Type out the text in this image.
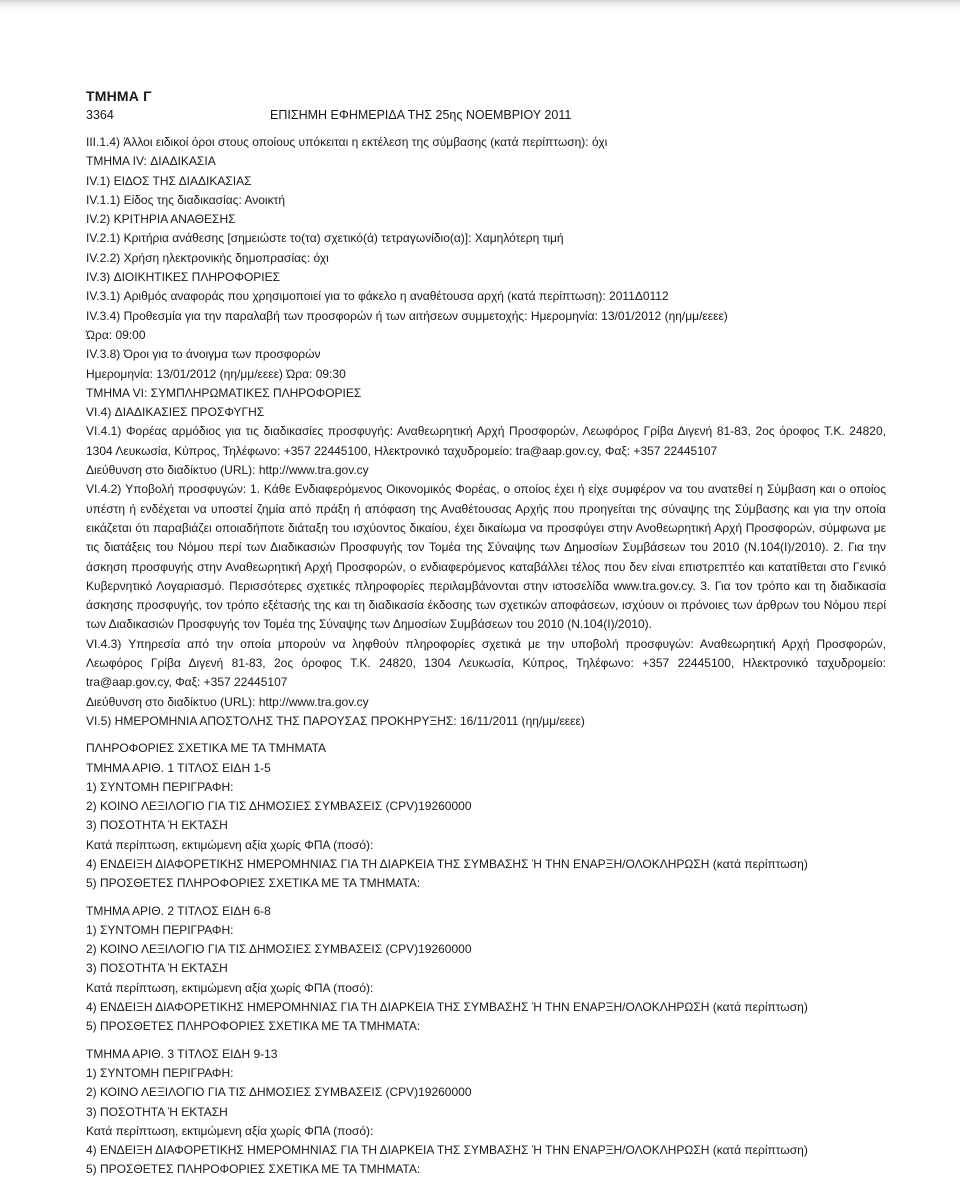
ΤΜΗΜΑ Γ
3364	ΕΠΙΣΗΜΗ ΕΦΗΜΕΡΙΔΑ ΤΗΣ 25ης ΝΟΕΜΒΡΙΟΥ 2011

III.1.4) Άλλοι ειδικοί όροι στους οποίους υπόκειται η εκτέλεση της σύμβασης (κατά περίπτωση): όχι

ΤΜΗΜΑ IV: ΔΙΑΔΙΚΑΣΙΑ

IV.1) ΕΙΔΟΣ ΤΗΣ ΔΙΑΔΙΚΑΣΙΑΣ

IV.1.1) Είδος της διαδικασίας: Ανοικτή

IV.2) ΚΡΙΤΗΡΙΑ ΑΝΑΘΕΣΗΣ

IV.2.1) Κριτήρια ανάθεσης [σημειώστε το(τα) σχετικό(ά) τετραγωνίδιο(α)]: Χαμηλότερη τιμή

IV.2.2) Χρήση ηλεκτρονικής δημοπρασίας: όχι

IV.3) ΔΙΟΙΚΗΤΙΚΕΣ ΠΛΗΡΟΦΟΡΙΕΣ

IV.3.1) Αριθμός αναφοράς που χρησιμοποιεί για το φάκελο η αναθέτουσα αρχή (κατά περίπτωση): 2011Δ0112

IV.3.4) Προθεσμία για την παραλαβή των προσφορών ή των αιτήσεων συμμετοχής: Ημερομηνία: 13/01/2012 (ηη/μμ/εεεε)

Ώρα: 09:00

IV.3.8) Όροι για το άνοιγμα των προσφορών

Ημερομηνία: 13/01/2012 (ηη/μμ/εεεε) Ώρα: 09:30

ΤΜΗΜΑ VI: ΣΥΜΠΛΗΡΩΜΑΤΙΚΕΣ ΠΛΗΡΟΦΟΡΙΕΣ

VI.4) ΔΙΑΔΙΚΑΣΙΕΣ ΠΡΟΣΦΥΓΗΣ

VI.4.1) Φορέας αρμόδιος για τις διαδικασίες προσφυγής: Αναθεωρητική Αρχή Προσφορών, Λεωφόρος Γρίβα Διγενή 81-83, 2ος όροφος Τ.Κ. 24820, 1304 Λευκωσία, Κύπρος, Τηλέφωνο: +357 22445100, Ηλεκτρονικό ταχυδρομείο: tra@aap.gov.cy, Φαξ: +357 22445107

Διεύθυνση στο διαδίκτυο (URL): http://www.tra.gov.cy

VI.4.2) Υποβολή προσφυγών: 1. Κάθε Ενδιαφερόμενος Οικονομικός Φορέας, ο οποίος έχει ή είχε συμφέρον να του ανατεθεί η Σύμβαση και ο οποίος υπέστη ή ενδέχεται να υποστεί ζημία από πράξη ή απόφαση της Αναθέτουσας Αρχής που προηγείται της σύναψης της Σύμβασης και για την οποία εικάζεται ότι παραβιάζει οποιαδήποτε διάταξη του ισχύοντος δικαίου, έχει δικαίωμα να προσφύγει στην Ανοθεωρητική Αρχή Προσφορών, σύμφωνα με τις διατάξεις του Νόμου περί των Διαδικασιών Προσφυγής τον Τομέα της Σύναψης των Δημοσίων Συμβάσεων του 2010 (Ν.104(Ι)/2010). 2. Για την άσκηση προσφυγής στην Αναθεωρητική Αρχή Προσφορών, ο ενδιαφερόμενος καταβάλλει τέλος που δεν είναι επιστρεπτέο και κατατίθεται στο Γενικό Κυβερνητικό Λογαριασμό. Περισσότερες σχετικές πληροφορίες περιλαμβάνονται στην ιστοσελίδα www.tra.gov.cy. 3. Για τον τρόπο και τη διαδικασία άσκησης προσφυγής, τον τρόπο εξέτασής της και τη διαδικασία έκδοσης των σχετικών αποφάσεων, ισχύουν οι πρόνοιες των άρθρων του Νόμου περί των Διαδικασιών Προσφυγής τον Τομέα της Σύναψης των Δημοσίων Συμβάσεων του 2010 (Ν.104(Ι)/2010).

VI.4.3) Υπηρεσία από την οποία μπορούν να ληφθούν πληροφορίες σχετικά με την υποβολή προσφυγών: Αναθεωρητική Αρχή Προσφορών, Λεωφόρος Γρίβα Διγενή 81-83, 2ος όροφος Τ.Κ. 24820, 1304 Λευκωσία, Κύπρος, Τηλέφωνο: +357 22445100, Ηλεκτρονικό ταχυδρομείο: tra@aap.gov.cy, Φαξ: +357 22445107

Διεύθυνση στο διαδίκτυο (URL): http://www.tra.gov.cy

VI.5) ΗΜΕΡΟΜΗΝΙΑ ΑΠΟΣΤΟΛΗΣ ΤΗΣ ΠΑΡΟΥΣΑΣ ΠΡΟΚΗΡΥΞΗΣ: 16/11/2011 (ηη/μμ/εεεε)

ΠΛΗΡΟΦΟΡΙΕΣ ΣΧΕΤΙΚΑ ΜΕ ΤΑ ΤΜΗΜΑΤΑ

ΤΜΗΜΑ ΑΡΙΘ. 1 ΤΙΤΛΟΣ ΕΙΔΗ 1-5

1) ΣΥΝΤΟΜΗ ΠΕΡΙΓΡΑΦΗ:

2) ΚΟΙΝΟ ΛΕΞΙΛΟΓΙΟ ΓΙΑ ΤΙΣ ΔΗΜΟΣΙΕΣ ΣΥΜΒΑΣΕΙΣ (CPV)19260000

3) ΠΟΣΟΤΗΤΑ Ή ΕΚΤΑΣΗ

Κατά περίπτωση, εκτιμώμενη αξία χωρίς ΦΠΑ (ποσό):

4) ΕΝΔΕΙΞΗ ΔΙΑΦΟΡΕΤΙΚΗΣ ΗΜΕΡΟΜΗΝΙΑΣ ΓΙΑ ΤΗ ΔΙΑΡΚΕΙΑ ΤΗΣ ΣΥΜΒΑΣΗΣ Ή ΤΗΝ ΕΝΑΡΞΗ/ΟΛΟΚΛΗΡΩΣΗ (κατά περίπτωση)

5) ΠΡΟΣΘΕΤΕΣ ΠΛΗΡΟΦΟΡΙΕΣ ΣΧΕΤΙΚΑ ΜΕ ΤΑ ΤΜΗΜΑΤΑ:

ΤΜΗΜΑ ΑΡΙΘ. 2 ΤΙΤΛΟΣ ΕΙΔΗ 6-8

1) ΣΥΝΤΟΜΗ ΠΕΡΙΓΡΑΦΗ:

2) ΚΟΙΝΟ ΛΕΞΙΛΟΓΙΟ ΓΙΑ ΤΙΣ ΔΗΜΟΣΙΕΣ ΣΥΜΒΑΣΕΙΣ (CPV)19260000

3) ΠΟΣΟΤΗΤΑ Ή ΕΚΤΑΣΗ

Κατά περίπτωση, εκτιμώμενη αξία χωρίς ΦΠΑ (ποσό):

4) ΕΝΔΕΙΞΗ ΔΙΑΦΟΡΕΤΙΚΗΣ ΗΜΕΡΟΜΗΝΙΑΣ ΓΙΑ ΤΗ ΔΙΑΡΚΕΙΑ ΤΗΣ ΣΥΜΒΑΣΗΣ Ή ΤΗΝ ΕΝΑΡΞΗ/ΟΛΟΚΛΗΡΩΣΗ (κατά περίπτωση)

5) ΠΡΟΣΘΕΤΕΣ ΠΛΗΡΟΦΟΡΙΕΣ ΣΧΕΤΙΚΑ ΜΕ ΤΑ ΤΜΗΜΑΤΑ:

ΤΜΗΜΑ ΑΡΙΘ. 3 ΤΙΤΛΟΣ ΕΙΔΗ 9-13

1) ΣΥΝΤΟΜΗ ΠΕΡΙΓΡΑΦΗ:

2) ΚΟΙΝΟ ΛΕΞΙΛΟΓΙΟ ΓΙΑ ΤΙΣ ΔΗΜΟΣΙΕΣ ΣΥΜΒΑΣΕΙΣ (CPV)19260000

3) ΠΟΣΟΤΗΤΑ Ή ΕΚΤΑΣΗ

Κατά περίπτωση, εκτιμώμενη αξία χωρίς ΦΠΑ (ποσό):

4) ΕΝΔΕΙΞΗ ΔΙΑΦΟΡΕΤΙΚΗΣ ΗΜΕΡΟΜΗΝΙΑΣ ΓΙΑ ΤΗ ΔΙΑΡΚΕΙΑ ΤΗΣ ΣΥΜΒΑΣΗΣ Ή ΤΗΝ ΕΝΑΡΞΗ/ΟΛΟΚΛΗΡΩΣΗ (κατά περίπτωση)

5) ΠΡΟΣΘΕΤΕΣ ΠΛΗΡΟΦΟΡΙΕΣ ΣΧΕΤΙΚΑ ΜΕ ΤΑ ΤΜΗΜΑΤΑ:
